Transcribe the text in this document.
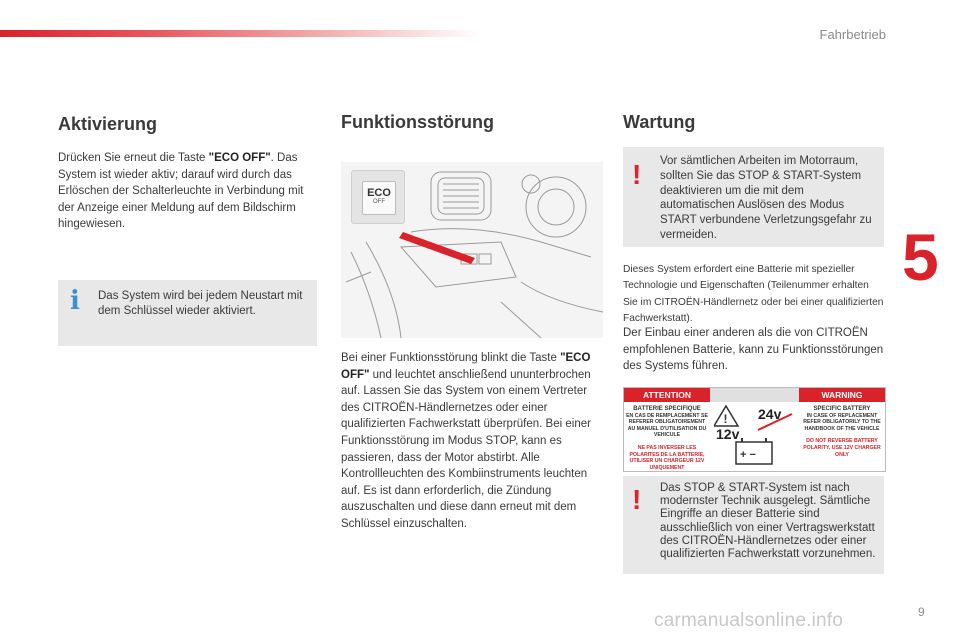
Fahrbetrieb
5
Aktivierung

Drücken Sie erneut die Taste "ECO OFF". Das System ist wieder aktiv; darauf wird durch das Erlöschen der Schalterleuchte in Verbindung mit der Anzeige einer Meldung auf dem Bildschirm hingewiesen.

i Das System wird bei jedem Neustart mit dem Schlüssel wieder aktiviert.

Funktionsstörung
ECO
OFF

Bei einer Funktionsstörung blinkt die Taste "ECO OFF" und leuchtet anschließend ununterbrochen auf. Lassen Sie das System von einem Vertreter des CITROËN-Händlernetzes oder einer qualifizierten Fachwerkstatt überprüfen. Bei einer Funktionsstörung im Modus STOP, kann es passieren, dass der Motor abstirbt. Alle Kontrollleuchten des Kombiinstruments leuchten auf. Es ist dann erforderlich, die Zündung auszuschalten und diese dann erneut mit dem Schlüssel einzuschalten.

Wartung
! Vor sämtlichen Arbeiten im Motorraum, sollten Sie das STOP & START-System deaktivieren um die mit dem automatischen Auslösen des Modus START verbundene Verletzungsgefahr zu vermeiden.

Dieses System erfordert eine Batterie mit spezieller Technologie und Eigenschaften (Teilenummer erhalten Sie im CITROËN-Händlernetz oder bei einer qualifizierten Fachwerkstatt).

Der Einbau einer anderen als die von CITROËN empfohlenen Batterie, kann zu Funktionsstörungen des Systems führen.

ATTENTION	WARNING
BATTERIE SPECIFIQUE
EN CAS DE REMPLACEMENT SE REFERER OBLIGATOIREMENT AU MANUEL D'UTILISATION DU VEHICULE
NE PAS INVERSER LES POLARITES DE LA BATTERIE, UTILISER UN CHARGEUR 12V UNIQUEMENT
!
+ −
12v
24v	SPECIFIC BATTERY
IN CASE OF REPLACEMENT REFER OBLIGATORILY TO THE HANDBOOK OF THE VEHICLE
DO NOT REVERSE BATTERY POLARITY, USE 12V CHARGER ONLY
! Das STOP & START-System ist nach modernster Technik ausgelegt. Sämtliche Eingriffe an dieser Batterie sind ausschließlich von einer Vertragswerkstatt des CITROËN-Händlernetzes oder einer qualifizierten Fachwerkstatt vorzunehmen.

9
carmanualsonline.info
